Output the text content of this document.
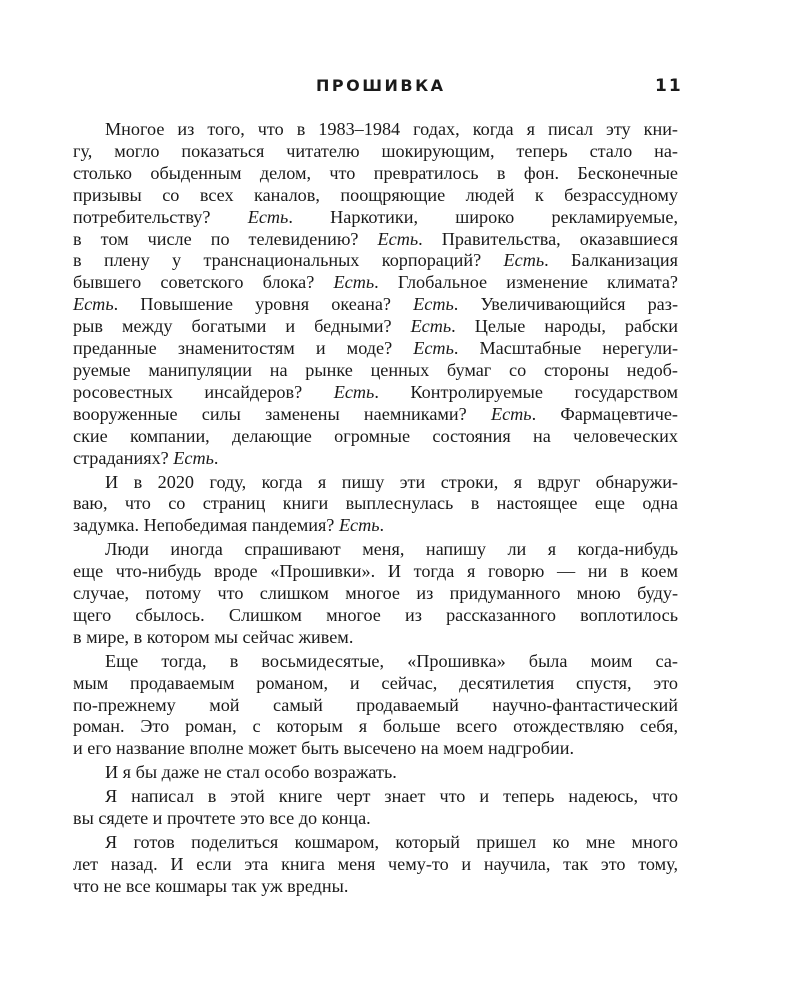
ПРОШИВКА	11
Многое из того, что в 1983–1984 годах, когда я писал эту кни-
гу, могло показаться читателю шокирующим, теперь стало на-
столько обыденным делом, что превратилось в фон. Бесконечные
призывы со всех каналов, поощряющие людей к безрассудному
потребительству? Есть. Наркотики, широко рекламируемые,
в том числе по телевидению? Есть. Правительства, оказавшиеся
в плену у транснациональных корпораций? Есть. Балканизация
бывшего советского блока? Есть. Глобальное изменение климата?
Есть. Повышение уровня океана? Есть. Увеличивающийся раз-
рыв между богатыми и бедными? Есть. Целые народы, рабски
преданные знаменитостям и моде? Есть. Масштабные нерегули-
руемые манипуляции на рынке ценных бумаг со стороны недоб-
росовестных инсайдеров? Есть. Контролируемые государством
вооруженные силы заменены наемниками? Есть. Фармацевтиче-
ские компании, делающие огромные состояния на человеческих
страданиях? Есть.
И в 2020 году, когда я пишу эти строки, я вдруг обнаружи-
ваю, что со страниц книги выплеснулась в настоящее еще одна
задумка. Непобедимая пандемия? Есть.
Люди иногда спрашивают меня, напишу ли я когда-нибудь
еще что-нибудь вроде «Прошивки». И тогда я говорю — ни в коем
случае, потому что слишком многое из придуманного мною буду-
щего сбылось. Слишком многое из рассказанного воплотилось
в мире, в котором мы сейчас живем.
Еще тогда, в восьмидесятые, «Прошивка» была моим са-
мым продаваемым романом, и сейчас, десятилетия спустя, это
по-прежнему мой самый продаваемый научно-фантастический
роман. Это роман, с которым я больше всего отождествляю себя,
и его название вполне может быть высечено на моем надгробии.
И я бы даже не стал особо возражать.
Я написал в этой книге черт знает что и теперь надеюсь, что
вы сядете и прочтете это все до конца.
Я готов поделиться кошмаром, который пришел ко мне много
лет назад. И если эта книга меня чему-то и научила, так это тому,
что не все кошмары так уж вредны.
